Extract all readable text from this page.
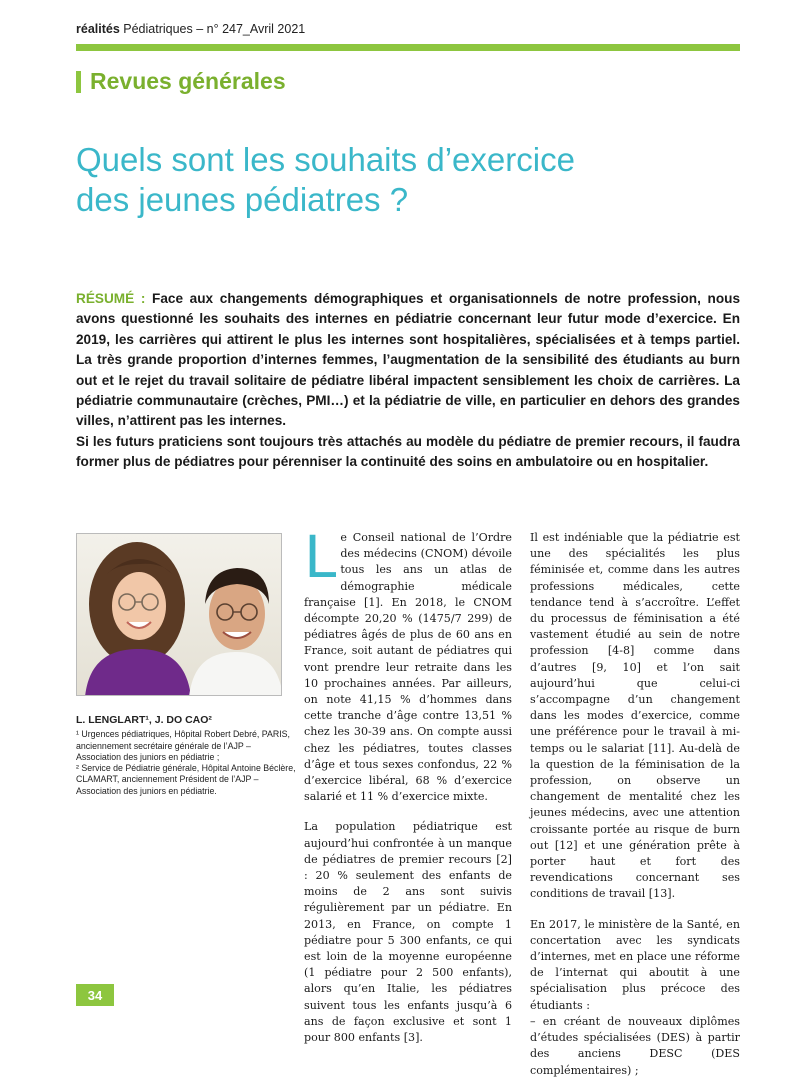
réalités Pédiatriques – n° 247_Avril 2021
Revues générales
Quels sont les souhaits d’exercice
des jeunes pédiatres ?

RÉSUMÉ : Face aux changements démographiques et organisationnels de notre profession, nous avons questionné les souhaits des internes en pédiatrie concernant leur futur mode d’exercice. En 2019, les carrières qui attirent le plus les internes sont hospitalières, spécialisées et à temps partiel. La très grande proportion d’internes femmes, l’augmentation de la sensibilité des étudiants au burn out et le rejet du travail solitaire de pédiatre libéral impactent sensiblement les choix de carrières. La pédiatrie communautaire (crèches, PMI…) et la pédiatrie de ville, en particulier en dehors des grandes villes, n’attirent pas les internes.

Si les futurs praticiens sont toujours très attachés au modèle du pédiatre de premier recours, il faudra former plus de pédiatres pour pérenniser la continuité des soins en ambulatoire ou en hospitalier.

L. LENGLART¹, J. DO CAO²

¹ Urgences pédiatriques, Hôpital Robert Debré, PARIS, anciennement secrétaire générale de l’AJP – Association des juniors en pédiatrie ;

² Service de Pédiatrie générale, Hôpital Antoine Béclère, CLAMART, anciennement Président de l’AJP – Association des juniors en pédiatrie.

Le Conseil national de l’Ordre des médecins (CNOM) dévoile tous les ans un atlas de démographie médicale française [1]. En 2018, le CNOM décompte 20,20 % (1475/7 299) de pédiatres âgés de plus de 60 ans en France, soit autant de pédiatres qui vont prendre leur retraite dans les 10 prochaines années. Par ailleurs, on note 41,15 % d’hommes dans cette tranche d’âge contre 13,51 % chez les 30-39 ans. On compte aussi chez les pédiatres, toutes classes d’âge et tous sexes confondus, 22 % d’exercice libéral, 68 % d’exercice salarié et 11 % d’exercice mixte.

La population pédiatrique est aujourd’hui confrontée à un manque de pédiatres de premier recours [2] : 20 % seulement des enfants de moins de 2 ans sont suivis régulièrement par un pédiatre. En 2013, en France, on compte 1 pédiatre pour 5 300 enfants, ce qui est loin de la moyenne européenne (1 pédiatre pour 2 500 enfants), alors qu’en Italie, les pédiatres suivent tous les enfants jusqu’à 6 ans de façon exclusive et sont 1 pour 800 enfants [3].

Il est indéniable que la pédiatrie est une des spécialités les plus féminisée et, comme dans les autres professions médicales, cette tendance tend à s’accroître. L’effet du processus de féminisation a été vastement étudié au sein de notre profession [4-8] comme dans d’autres [9, 10] et l’on sait aujourd’hui que celui-ci s’accompagne d’un changement dans les modes d’exercice, comme une préférence pour le travail à mi-temps ou le salariat [11]. Au-delà de la question de la féminisation de la profession, on observe un changement de mentalité chez les jeunes médecins, avec une attention croissante portée au risque de burn out [12] et une génération prête à porter haut et fort des revendications concernant ses conditions de travail [13].

En 2017, le ministère de la Santé, en concertation avec les syndicats d’internes, met en place une réforme de l’internat qui aboutit à une spécialisation plus précoce des étudiants :

– en créant de nouveaux diplômes d’études spécialisées (DES) à partir des anciens DESC (DES complémentaires) ;

34
